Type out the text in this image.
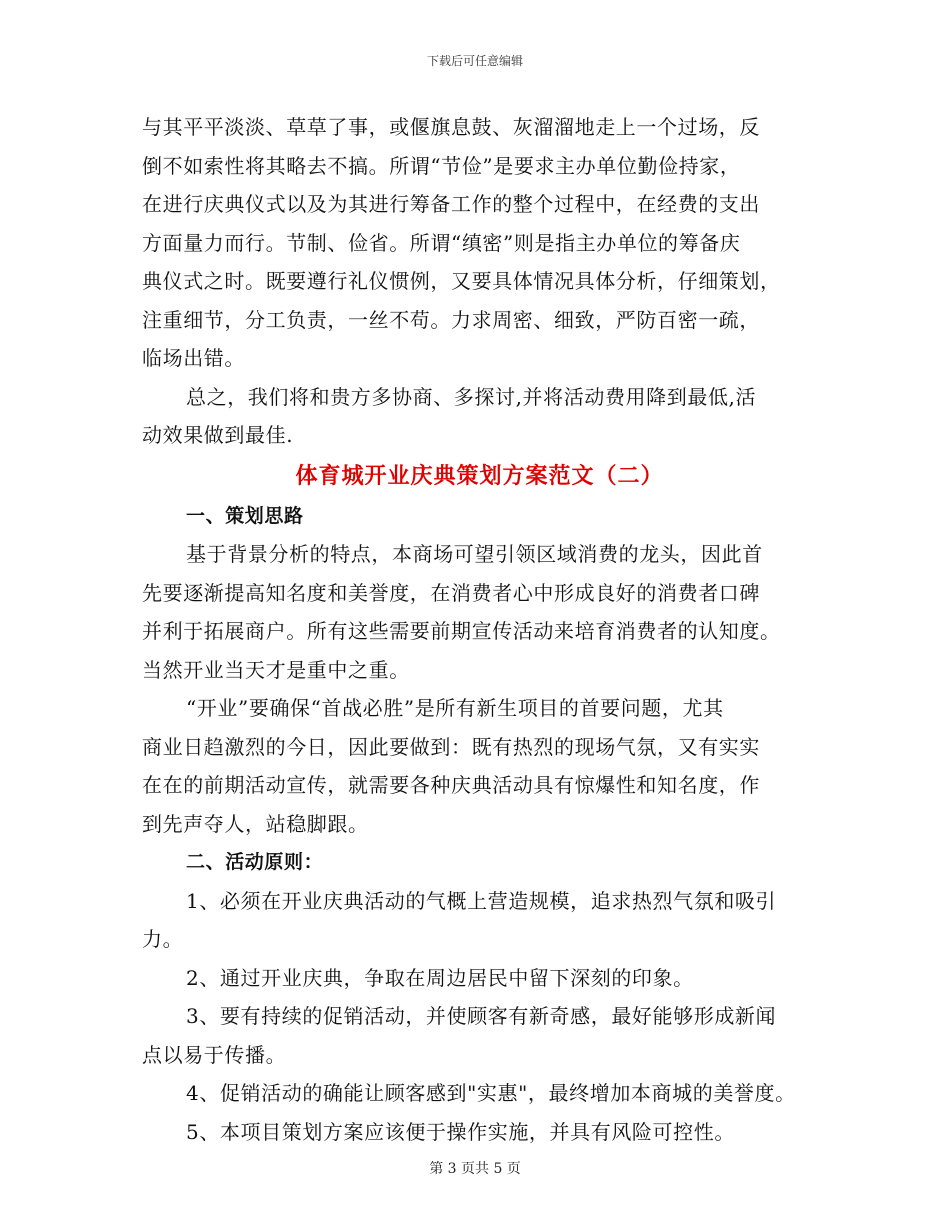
下载后可任意编辑
与其平平淡淡、草草了事，或偃旗息鼓、灰溜溜地走上一个过场，反
倒不如索性将其略去不搞。所谓“节俭”是要求主办单位勤俭持家，
在进行庆典仪式以及为其进行筹备工作的整个过程中，在经费的支出
方面量力而行。节制、俭省。所谓“缜密”则是指主办单位的筹备庆
典仪式之时。既要遵行礼仪惯例，又要具体情况具体分析，仔细策划，
注重细节，分工负责，一丝不苟。力求周密、细致，严防百密一疏，
临场出错。
总之，我们将和贵方多协商、多探讨,并将活动费用降到最低,活
动效果做到最佳.
体育城开业庆典策划方案范文（二）
一、策划思路
基于背景分析的特点，本商场可望引领区域消费的龙头，因此首
先要逐渐提高知名度和美誉度，在消费者心中形成良好的消费者口碑
并利于拓展商户。所有这些需要前期宣传活动来培育消费者的认知度。
当然开业当天才是重中之重。
“开业”要确保“首战必胜”是所有新生项目的首要问题，尤其
商业日趋激烈的今日，因此要做到：既有热烈的现场气氛，又有实实
在在的前期活动宣传，就需要各种庆典活动具有惊爆性和知名度，作
到先声夺人，站稳脚跟。
二、活动原则：
1、必须在开业庆典活动的气概上营造规模，追求热烈气氛和吸引
力。
2、通过开业庆典，争取在周边居民中留下深刻的印象。
3、要有持续的促销活动，并使顾客有新奇感，最好能够形成新闻
点以易于传播。
4、促销活动的确能让顾客感到"实惠"，最终增加本商城的美誉度。
5、本项目策划方案应该便于操作实施，并具有风险可控性。
第 3 页共 5 页
